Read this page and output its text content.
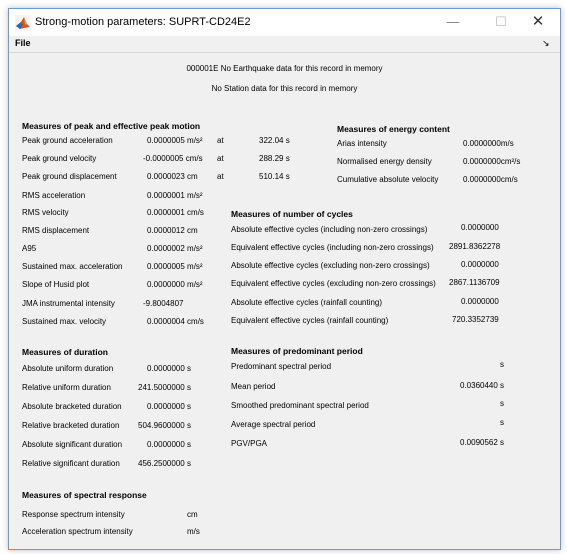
Strong-motion parameters: SUPRT-CD24E2	—	☐	✕
File	↘
000001E No Earthquake data for this record in memory
No Station data for this record in memory
Measures of peak and effective peak motion
Peak ground acceleration	0.0000005 m/s² at	322.04 s
Peak ground velocity	-0.0000005 cm/s at	288.29 s
Peak ground displacement	0.0000023 cm at	510.14 s
RMS acceleration	0.0000001 m/s²
RMS velocity	0.0000001 cm/s
RMS displacement	0.0000012 cm
A95	0.0000002 m/s²
Sustained max. acceleration	0.0000005 m/s²
Slope of Husid plot	0.0000000 m/s²
JMA instrumental intensity	-9.8004807
Sustained max. velocity	0.0000004 cm/s
Measures of energy content
Arias intensity	0.0000000m/s
Normalised energy density	0.0000000cm²/s
Cumulative absolute velocity	0.0000000cm/s
Measures of number of cycles
Absolute effective cycles (including non-zero crossings)	0.0000000
Equivalent effective cycles (including non-zero crossings) 2891.8362278
Absolute effective cycles (excluding non-zero crossings)	0.0000000
Equivalent effective cycles (excluding non-zero crossings) 2867.1136709
Absolute effective cycles (rainfall counting)	0.0000000
Equivalent effective cycles (rainfall counting)	720.3352739
Measures of duration
Absolute uniform duration	0.0000000 s
Relative uniform duration	241.5000000 s
Absolute bracketed duration	0.0000000 s
Relative bracketed duration 504.9600000 s
Absolute significant duration	0.0000000 s
Relative significant duration 456.2500000 s
Measures of predominant period
Predominant spectral period	s
Mean period	0.0360440 s
Smoothed predominant spectral period	s
Average spectral period	s
PGV/PGA	0.0090562 s
Measures of spectral response
Response spectrum intensity	cm
Acceleration spectrum intensity	m/s
